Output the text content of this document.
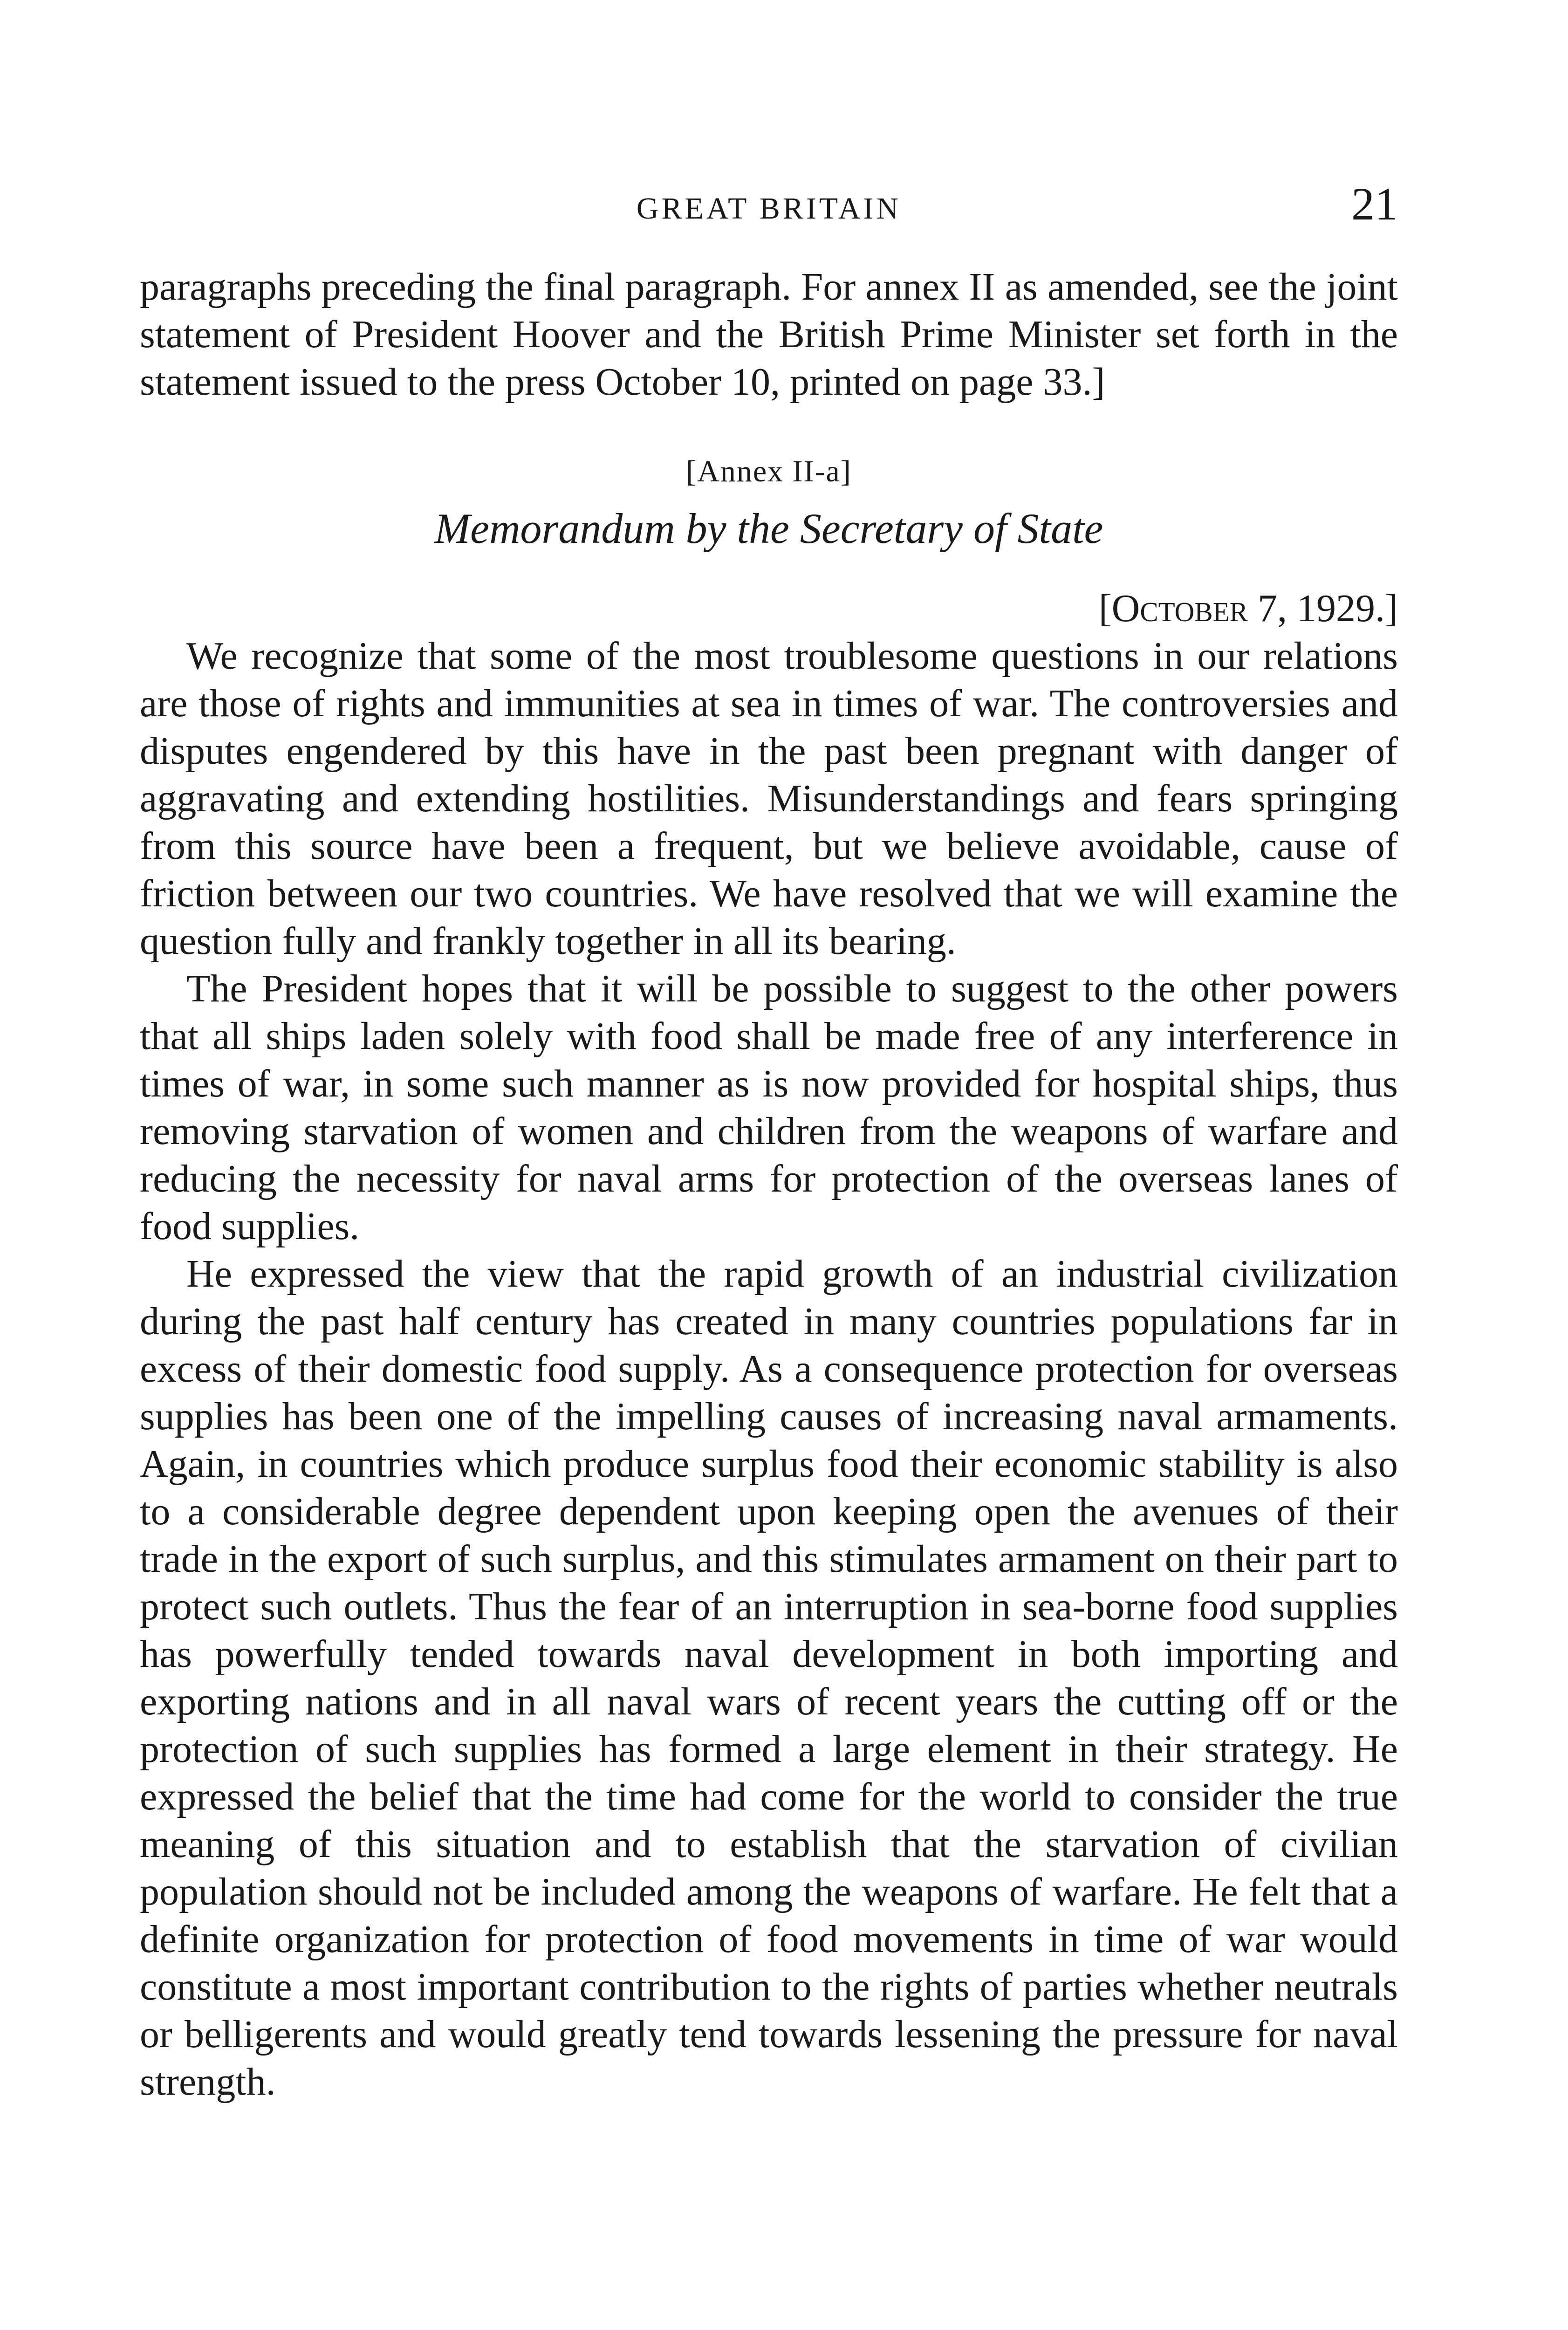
GREAT BRITAIN	21

paragraphs preceding the final paragraph. For annex II as amended, see the joint statement of President Hoover and the British Prime Minister set forth in the statement issued to the press October 10, printed on page 33.]

[Annex II-a]
Memorandum by the Secretary of State
[October 7, 1929.]

We recognize that some of the most troublesome questions in our relations are those of rights and immunities at sea in times of war. The controversies and disputes engendered by this have in the past been pregnant with danger of aggravating and extending hostilities. Misunderstandings and fears springing from this source have been a frequent, but we believe avoidable, cause of friction between our two countries. We have resolved that we will examine the question fully and frankly together in all its bearing.

The President hopes that it will be possible to suggest to the other powers that all ships laden solely with food shall be made free of any interference in times of war, in some such manner as is now provided for hospital ships, thus removing starvation of women and children from the weapons of warfare and reducing the necessity for naval arms for protection of the overseas lanes of food supplies.

He expressed the view that the rapid growth of an industrial civilization during the past half century has created in many countries populations far in excess of their domestic food supply. As a consequence protection for overseas supplies has been one of the impelling causes of increasing naval armaments. Again, in countries which produce surplus food their economic stability is also to a considerable degree dependent upon keeping open the avenues of their trade in the export of such surplus, and this stimulates armament on their part to protect such outlets. Thus the fear of an interruption in sea-borne food supplies has powerfully tended towards naval development in both importing and exporting nations and in all naval wars of recent years the cutting off or the protection of such supplies has formed a large element in their strategy. He expressed the belief that the time had come for the world to consider the true meaning of this situation and to establish that the starvation of civilian population should not be included among the weapons of warfare. He felt that a definite organization for protection of food movements in time of war would constitute a most important contribution to the rights of parties whether neutrals or belligerents and would greatly tend towards lessening the pressure for naval strength.
